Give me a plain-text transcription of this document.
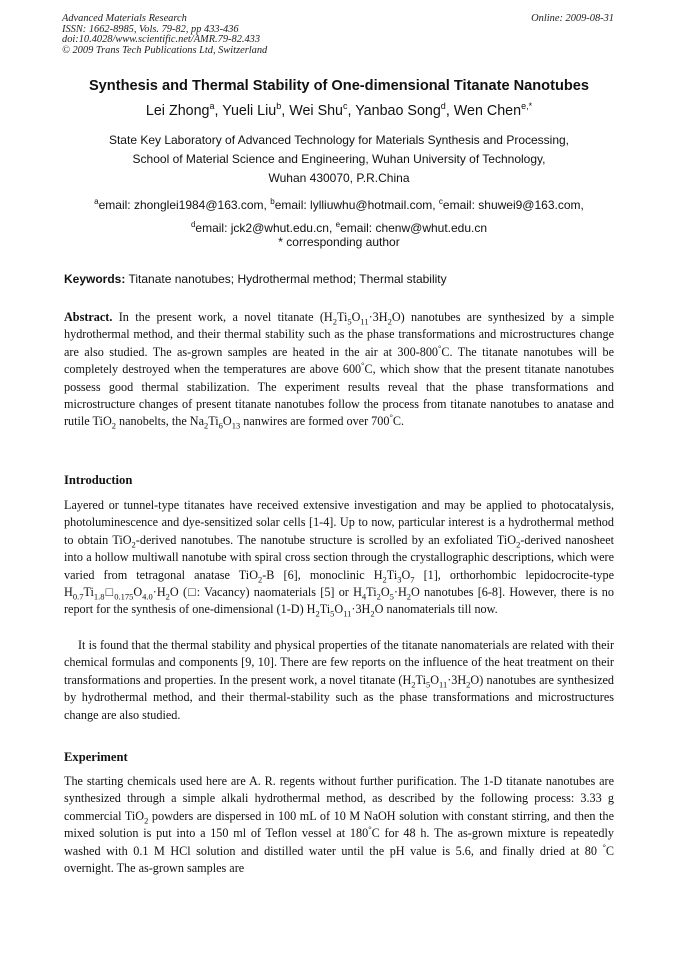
Advanced Materials Research
ISSN: 1662-8985, Vols. 79-82, pp 433-436
doi:10.4028/www.scientific.net/AMR.79-82.433
© 2009 Trans Tech Publications Ltd, Switzerland
Online: 2009-08-31
Synthesis and Thermal Stability of One-dimensional Titanate Nanotubes
Lei Zhong$^a$, Yueli Liu$^b$, Wei Shu$^c$, Yanbao Song$^d$, Wen Chen$^{e,*}$
State Key Laboratory of Advanced Technology for Materials Synthesis and Processing,
School of Material Science and Engineering, Wuhan University of Technology,
Wuhan 430070, P.R.China
$^a$email: zhonglei1984@163.com, $^b$email: lylliuwhu@hotmail.com, $^c$email: shuwei9@163.com,
$^d$email: jck2@whut.edu.cn, $^e$email: chenw@whut.edu.cn
* corresponding author
Keywords: Titanate nanotubes; Hydrothermal method; Thermal stability
Abstract. In the present work, a novel titanate $(H_2Ti_5O_{11}\cdot 3H_2O)$ nanotubes are synthesized by a simple hydrothermal method, and their thermal stability such as the phase transformations and microstructures change are also studied. The as-grown samples are heated in the air at 300-800°C. The titanate nanotubes will be completely destroyed when the temperatures are above 600°C, which show that the present titanate nanotubes possess good thermal stabilization. The experiment results reveal that the phase transformations and microstructure changes of present titanate nanotubes follow the process from titanate nanotubes to anatase and rutile TiO$_2$ nanobelts, the $Na_2Ti_6O_{13}$ nanwires are formed over 700°C.
Introduction
Layered or tunnel-type titanates have received extensive investigation and may be applied to photocatalysis, photoluminescence and dye-sensitized solar cells [1-4]. Up to now, particular interest is a hydrothermal method to obtain TiO$_2$-derived nanotubes. The nanotube structure is scrolled by an exfoliated TiO$_2$-derived nanosheet into a hollow multiwall nanotube with spiral cross section through the crystallographic descriptions, which were varied from tetragonal anatase TiO$_2$-B [6], monoclinic $H_2Ti_3O_7$ [1], orthorhombic lepidocrocite-type $H_{0.7}Ti_{1.8}□_{0.175}O_{4.0}\cdot H_2O$ (□: Vacancy) naomaterials [5] or $H_4Ti_2O_5\cdot H_2O$ nanotubes [6-8]. However, there is no report for the synthesis of one-dimensional (1-D) $H_2Ti_5O_{11}\cdot 3H_2O$ nanomaterials till now.
It is found that the thermal stability and physical properties of the titanate nanomaterials are related with their chemical formulas and components [9, 10]. There are few reports on the influence of the heat treatment on their transformations and properties. In the present work, a novel titanate $(H_2Ti_5O_{11}\cdot 3H_2O)$ nanotubes are synthesized by hydrothermal method, and their thermal-stability such as the phase transformations and microstructures change are also studied.
Experiment
The starting chemicals used here are A. R. regents without further purification. The 1-D titanate nanotubes are synthesized through a simple alkali hydrothermal method, as described by the following process: 3.33 g commercial TiO$_2$ powders are dispersed in 100 mL of 10 M NaOH solution with constant stirring, and then the mixed solution is put into a 150 ml of Teflon vessel at 180°C for 48 h. The as-grown mixture is repeatedly washed with 0.1 M HCl solution and distilled water until the pH value is 5.6, and finally dried at 80 °C overnight. The as-grown samples are
